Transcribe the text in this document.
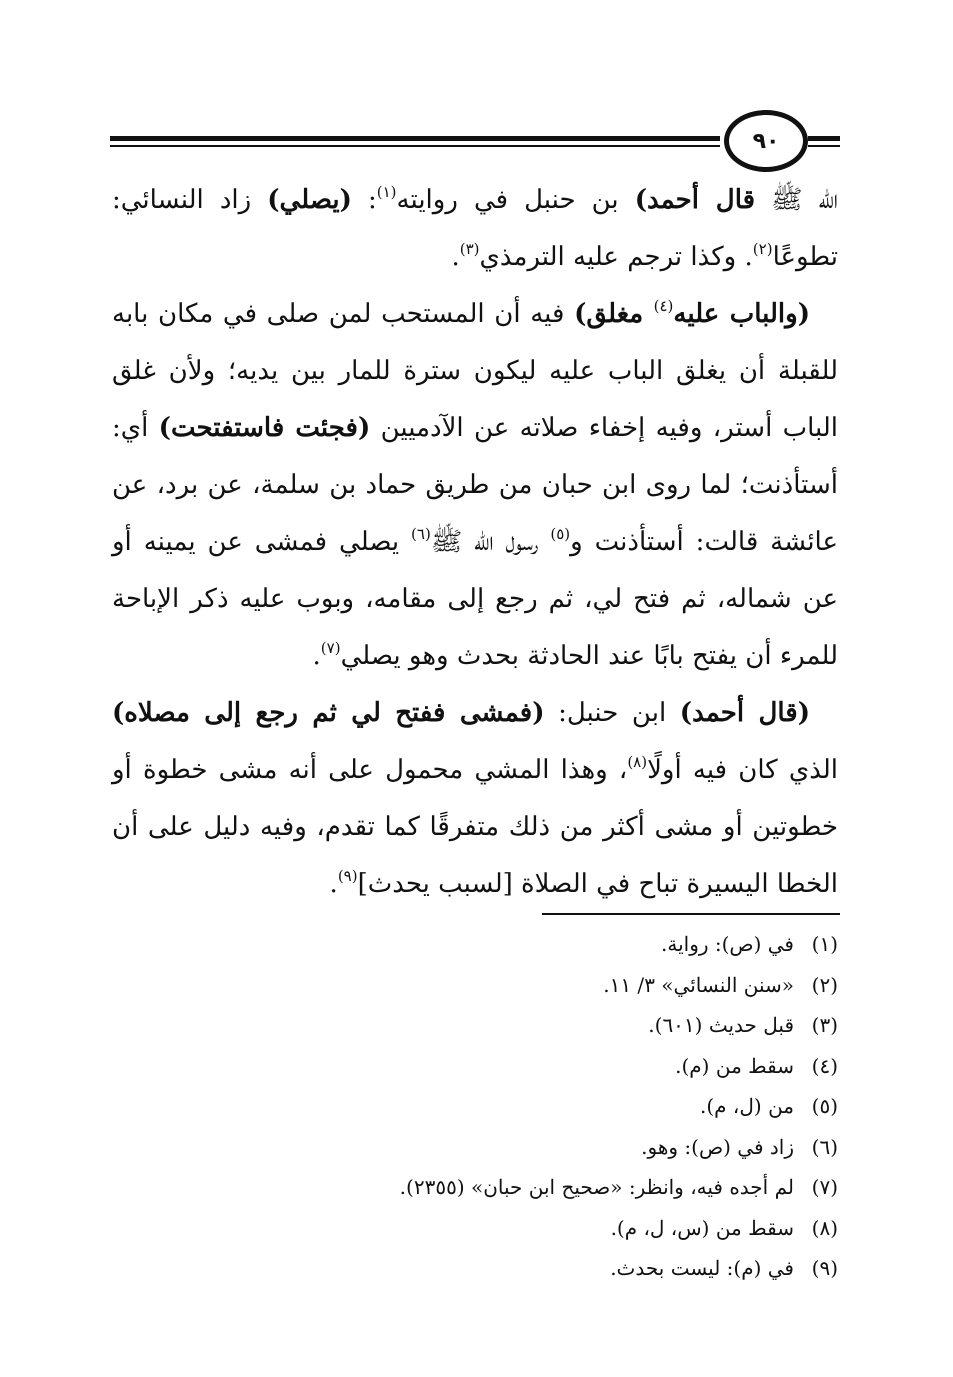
٩٠

الله ﷺ قال أحمد) بن حنبل في روايته$^{(١)}$: (يصلي) زاد النسائي: تطوعًا$^{(٢)}$. وكذا ترجم عليه الترمذي$^{(٣)}$.

(والباب عليه$^{(٤)}$ مغلق) فيه أن المستحب لمن صلى في مكان بابه للقبلة أن يغلق الباب عليه ليكون سترة للمار بين يديه؛ ولأن غلق الباب أستر، وفيه إخفاء صلاته عن الآدميين (فجئت فاستفتحت) أي: أستأذنت؛ لما روى ابن حبان من طريق حماد بن سلمة، عن برد، عن عائشة قالت: أستأذنت و$^{(٥)}$ رسول الله ﷺ$^{(٦)}$ يصلي فمشى عن يمينه أو عن شماله، ثم فتح لي، ثم رجع إلى مقامه، وبوب عليه ذكر الإباحة للمرء أن يفتح بابًا عند الحادثة بحدث وهو يصلي$^{(٧)}$.

(قال أحمد) ابن حنبل: (فمشى ففتح لي ثم رجع إلى مصلاه) الذي كان فيه أولًا$^{(٨)}$، وهذا المشي محمول على أنه مشى خطوة أو خطوتين أو مشى أكثر من ذلك متفرقًا كما تقدم، وفيه دليل على أن الخطا اليسيرة تباح في الصلاة [لسبب يحدث]$^{(٩)}$.

(١)
في (ص): رواية.
(٢)
«سنن النسائي» ٣/ ١١.
(٣)
قبل حديث (٦٠١).
(٤)
سقط من (م).
(٥)
من (ل، م).
(٦)
زاد في (ص): وهو.
(٧)
لم أجده فيه، وانظر: «صحيح ابن حبان» (٢٣٥٥).
(٨)
سقط من (س، ل، م).
(٩)
في (م): ليست بحدث.
